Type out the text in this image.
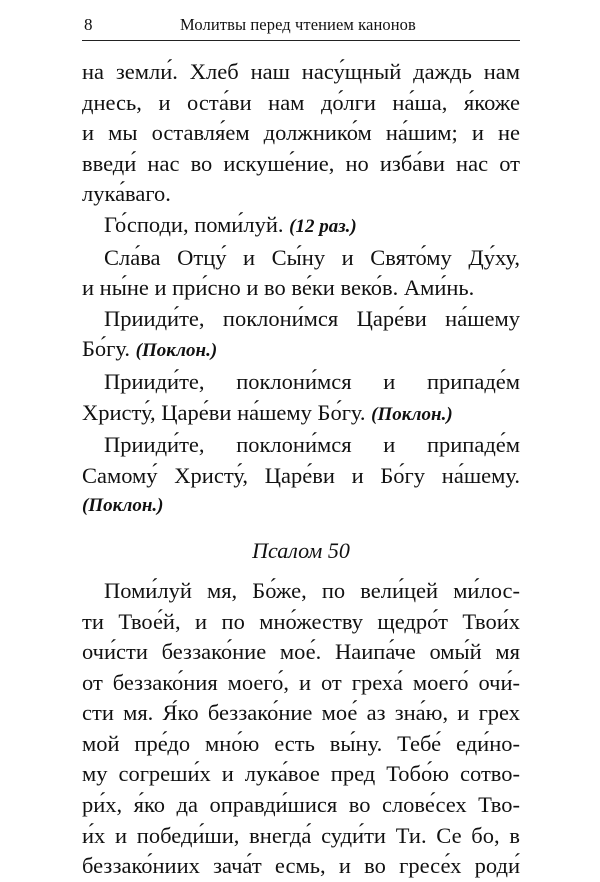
8	Молитвы перед чтением канонов

на земли́. Хлеб наш насу́щный даждь нам
днесь, и оста́ви нам до́лги на́ша, я́коже
и мы оставля́ем должнико́м на́шим; и не
введи́ нас во искуше́ние, но изба́ви нас от
лука́ваго.

Го́споди, поми́луй. (12 раз.)

Сла́ва Отцу́ и Сы́ну и Свято́му Ду́ху,
и ны́не и при́сно и во ве́ки веко́в. Ами́нь.

Прииди́те, поклони́мся Царе́ви на́шему
Бо́гу. (Поклон.)

Прииди́те, поклони́мся и припаде́м
Христу́, Царе́ви на́шему Бо́гу. (Поклон.)

Прииди́те, поклони́мся и припаде́м
Самому́ Христу́, Царе́ви и Бо́гу на́шему.
(Поклон.)

Псалом 50

Поми́луй мя, Бо́же, по вели́цей ми́лос-
ти Твое́й, и по мно́жеству щедро́т Твои́х
очи́сти беззако́ние мое́. Наипа́че омы́й мя
от беззако́ния моего́, и от греха́ моего́ очи́-
сти мя. Я́ко беззако́ние мое́ аз зна́ю, и грех
мой пре́до мно́ю есть вы́ну. Тебе́ еди́но-
му согреши́х и лука́вое пред Тобо́ю сотво-
ри́х, я́ко да оправди́шися во слове́сех Тво-
и́х и победи́ши, внегда́ суди́ти Ти. Се бо, в
беззако́ниих зача́т есмь, и во гресе́х роди́
